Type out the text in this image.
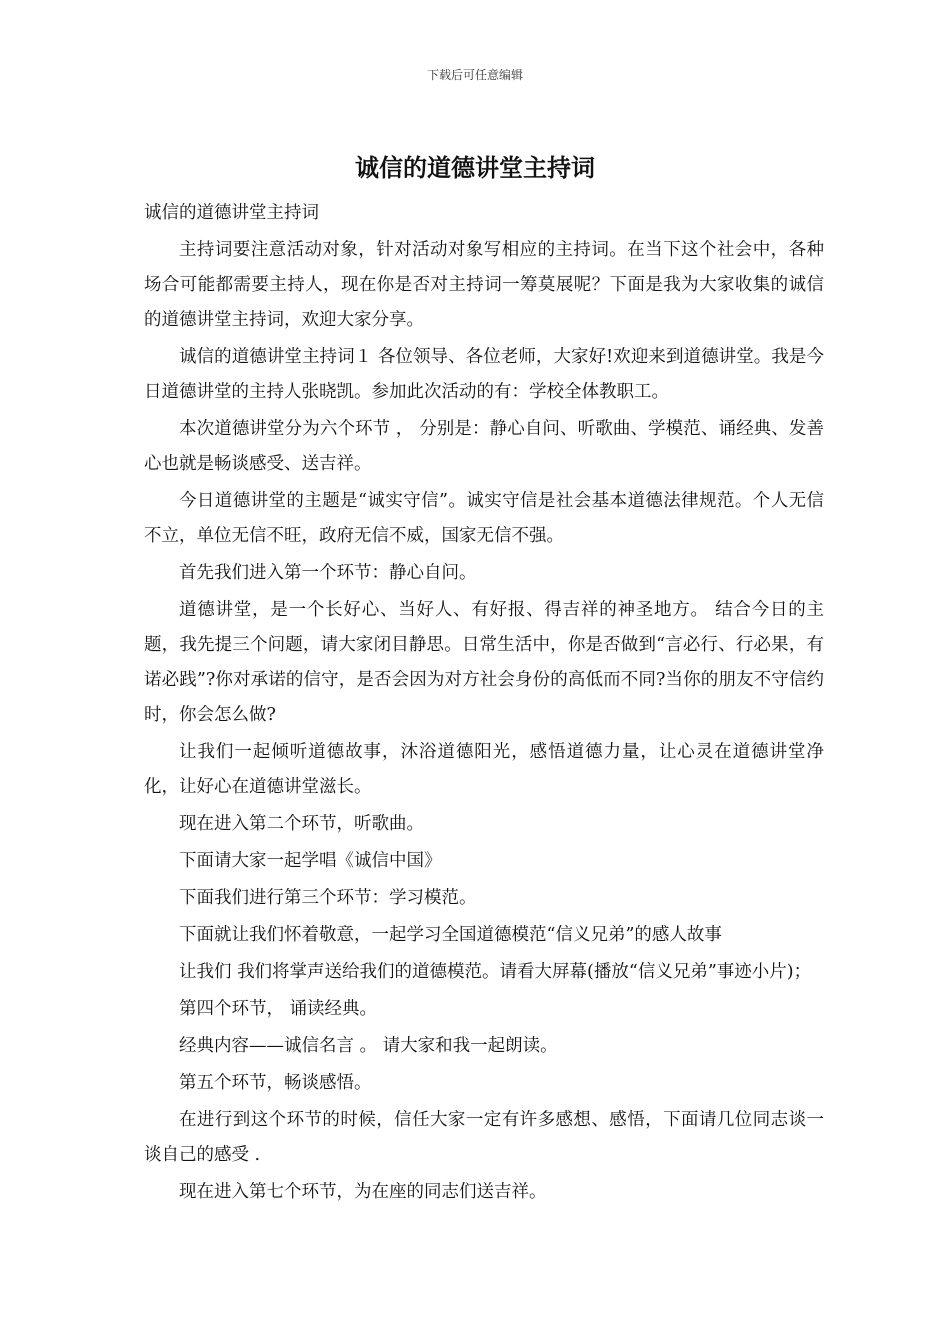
下载后可任意编辑
诚信的道德讲堂主持词

诚信的道德讲堂主持词

主持词要注意活动对象，针对活动对象写相应的主持词。在当下这个社会中，各种场合可能都需要主持人，现在你是否对主持词一筹莫展呢？下面是我为大家收集的诚信的道德讲堂主持词，欢迎大家分享。

诚信的道德讲堂主持词１ 各位领导、各位老师，大家好!欢迎来到道德讲堂。我是今日道德讲堂的主持人张晓凯。参加此次活动的有：学校全体教职工。

本次道德讲堂分为六个环节 ， 分别是：静心自问、听歌曲、学模范、诵经典、发善心也就是畅谈感受、送吉祥。

今日道德讲堂的主题是“诚实守信”。诚实守信是社会基本道德法律规范。个人无信不立，单位无信不旺，政府无信不威，国家无信不强。

首先我们进入第一个环节：静心自问。

道德讲堂，是一个长好心、当好人、有好报、得吉祥的神圣地方。 结合今日的主题，我先提三个问题，请大家闭目静思。日常生活中，你是否做到“言必行、行必果，有诺必践”?你对承诺的信守，是否会因为对方社会身份的高低而不同?当你的朋友不守信约时，你会怎么做?

让我们一起倾听道德故事，沐浴道德阳光，感悟道德力量，让心灵在道德讲堂净化，让好心在道德讲堂滋长。

现在进入第二个环节，听歌曲。

下面请大家一起学唱《诚信中国》

下面我们进行第三个环节：学习模范。

下面就让我们怀着敬意，一起学习全国道德模范“信义兄弟”的感人故事

让我们 我们将掌声送给我们的道德模范。请看大屏幕(播放“信义兄弟”事迹小片)；

第四个环节， 诵读经典。

经典内容——诚信名言 。 请大家和我一起朗读。

第五个环节，畅谈感悟。

在进行到这个环节的时候，信任大家一定有许多感想、感悟，下面请几位同志谈一谈自己的感受 .

现在进入第七个环节，为在座的同志们送吉祥。
